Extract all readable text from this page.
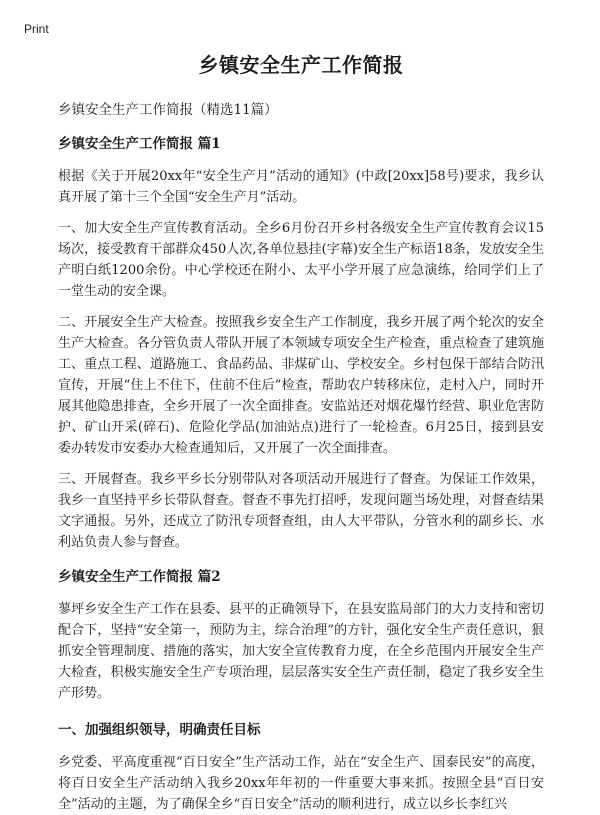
Print
乡镇安全生产工作简报
乡镇安全生产工作简报（精选11篇）
乡镇安全生产工作简报 篇1

根据《关于开展20xx年“安全生产月”活动的通知》(中政[20xx]58号)要求，我乡认真开展了第十三个全国“安全生产月”活动。

一、加大安全生产宣传教育活动。全乡6月份召开乡村各级安全生产宣传教育会议15场次，接受教育干部群众450人次,各单位悬挂(字幕)安全生产标语18条，发放安全生产明白纸1200余份。中心学校还在附小、太平小学开展了应急演练，给同学们上了一堂生动的安全课。

二、开展安全生产大检查。按照我乡安全生产工作制度，我乡开展了两个轮次的安全生产大检查。各分管负责人带队开展了本领域专项安全生产检查，重点检查了建筑施工、重点工程、道路施工、食品药品、非煤矿山、学校安全。乡村包保干部结合防汛宣传，开展“住上不住下，住前不住后”检查，帮助农户转移床位，走村入户，同时开展其他隐患排查，全乡开展了一次全面排查。安监站还对烟花爆竹经营、职业危害防护、矿山开采(碎石)、危险化学品(加油站点)进行了一轮检查。6月25日，接到县安委办转发市安委办大检查通知后，又开展了一次全面排查。

三、开展督查。我乡平乡长分别带队对各项活动开展进行了督查。为保证工作效果，我乡一直坚持平乡长带队督查。督查不事先打招呼，发现问题当场处理，对督查结果文字通报。另外，还成立了防汛专项督查组，由人大平带队，分管水利的副乡长、水利站负责人参与督查。

乡镇安全生产工作简报 篇2

蓼坪乡安全生产工作在县委、县平的正确领导下，在县安监局部门的大力支持和密切配合下，坚持“安全第一，预防为主，综合治理”的方针，强化安全生产责任意识，狠抓安全管理制度、措施的落实，加大安全宣传教育力度，在全乡范围内开展安全生产大检查，积极实施安全生产专项治理，层层落实安全生产责任制，稳定了我乡安全生产形势。

一、加强组织领导，明确责任目标

乡党委、平高度重视“百日安全”生产活动工作，站在“安全生产、国泰民安”的高度，将百日安全生产活动纳入我乡20xx年年初的一件重要大事来抓。按照全县“百日安全”活动的主题，为了确保全乡“百日安全”活动的顺利进行，成立以乡长李红兴
